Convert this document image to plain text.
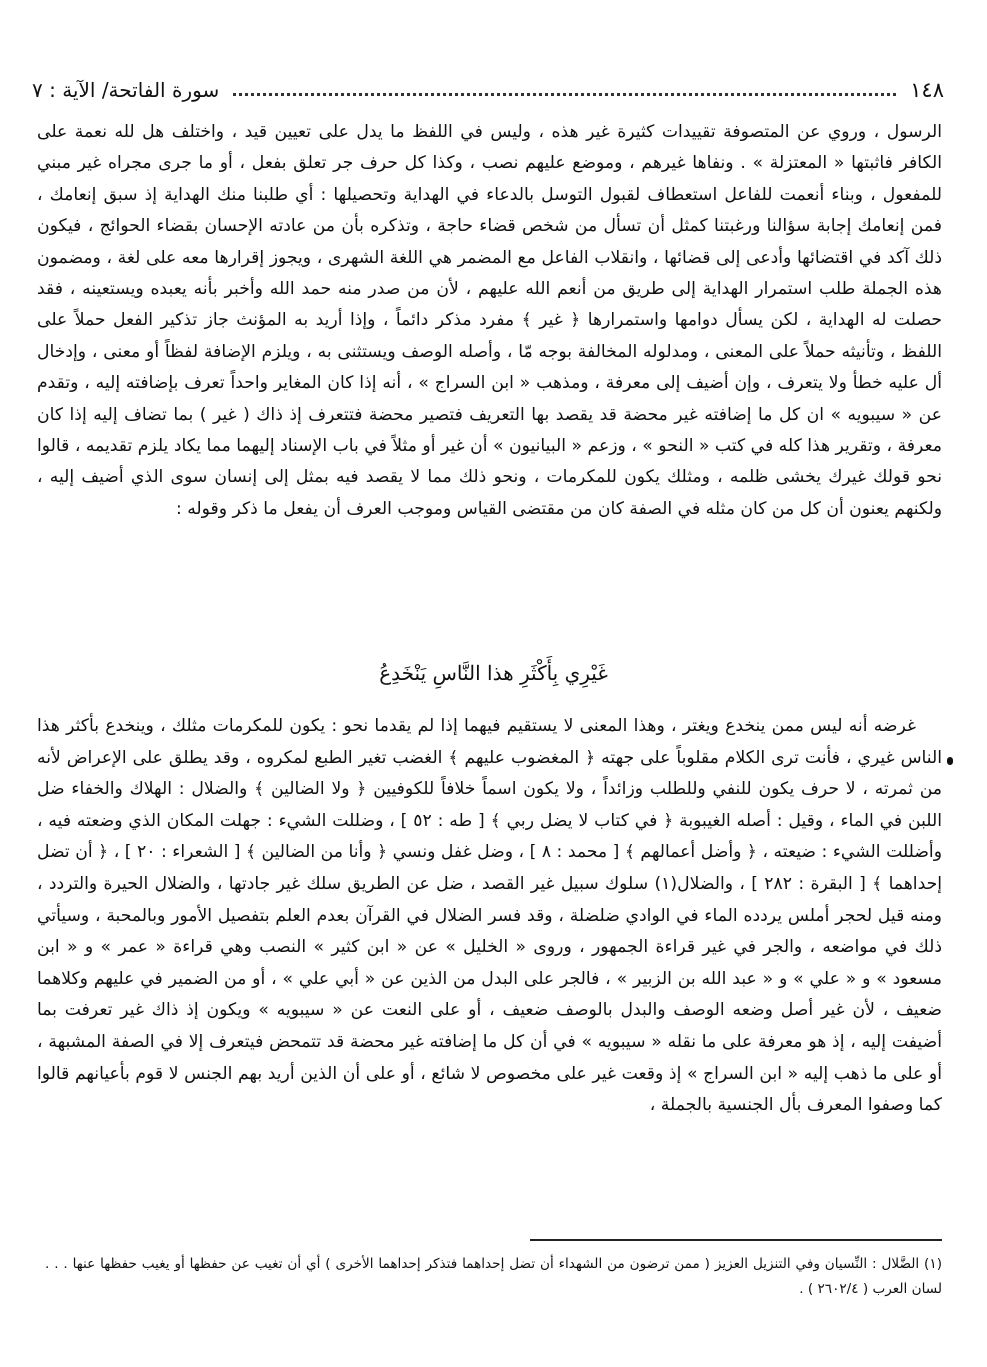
١٤٨
سورة الفاتحة/ الآية : ٧

الرسول ، وروي عن المتصوفة تقييدات كثيرة غير هذه ، وليس في اللفظ ما يدل على تعيين قيد ، واختلف هل لله نعمة على الكافر فاثبتها « المعتزلة » . ونفاها غيرهم ، وموضع عليهم نصب ، وكذا كل حرف جر تعلق بفعل ، أو ما جرى مجراه غير مبني للمفعول ، وبناء أنعمت للفاعل استعطاف لقبول التوسل بالدعاء في الهداية وتحصيلها : أي طلبنا منك الهداية إذ سبق إنعامك ، فمن إنعامك إجابة سؤالنا ورغبتنا كمثل أن تسأل من شخص قضاء حاجة ، وتذكره بأن من عادته الإحسان بقضاء الحوائج ، فيكون ذلك آكد في اقتضائها وأدعى إلى قضائها ، وانقلاب الفاعل مع المضمر هي اللغة الشهرى ، ويجوز إقرارها معه على لغة ، ومضمون هذه الجملة طلب استمرار الهداية إلى طريق من أنعم الله عليهم ، لأن من صدر منه حمد الله وأخبر بأنه يعبده ويستعينه ، فقد حصلت له الهداية ، لكن يسأل دوامها واستمرارها ﴿ غير ﴾ مفرد مذكر دائماً ، وإذا أريد به المؤنث جاز تذكير الفعل حملاً على اللفظ ، وتأنيثه حملاً على المعنى ، ومدلوله المخالفة بوجه مّا ، وأصله الوصف ويستثنى به ، ويلزم الإضافة لفظاً أو معنى ، وإدخال أل عليه خطأ ولا يتعرف ، وإن أضيف إلى معرفة ، ومذهب « ابن السراج » ، أنه إذا كان المغاير واحداً تعرف بإضافته إليه ، وتقدم عن « سيبويه » ان كل ما إضافته غير محضة قد يقصد بها التعريف فتصير محضة فتتعرف إذ ذاك ( غير ) بما تضاف إليه إذا كان معرفة ، وتقرير هذا كله في كتب « النحو » ، وزعم « البيانيون » أن غير أو مثلاً في باب الإسناد إليهما مما يكاد يلزم تقديمه ، قالوا نحو قولك غيرك يخشى ظلمه ، ومثلك يكون للمكرمات ، ونحو ذلك مما لا يقصد فيه بمثل إلى إنسان سوى الذي أضيف إليه ، ولكنهم يعنون أن كل من كان مثله في الصفة كان من مقتضى القياس وموجب العرف أن يفعل ما ذكر وقوله :

غَيْرِي بِأَكْثَرِ هذا النَّاسِ يَنْخَدِعُ

غرضه أنه ليس ممن ينخدع ويغتر ، وهذا المعنى لا يستقيم فيهما إذا لم يقدما نحو : يكون للمكرمات مثلك ، وينخدع بأكثر هذا الناس غيري ، فأنت ترى الكلام مقلوباً على جهته ﴿ المغضوب عليهم ﴾ الغضب تغير الطبع لمكروه ، وقد يطلق على الإعراض لأنه من ثمرته ، لا حرف يكون للنفي وللطلب وزائداً ، ولا يكون اسماً خلافاً للكوفيين ﴿ ولا الضالين ﴾ والضلال : الهلاك والخفاء ضل اللبن في الماء ، وقيل : أصله الغيبوبة ﴿ في كتاب لا يضل ربي ﴾ [ طه : ٥٢ ] ، وضللت الشيء : جهلت المكان الذي وضعته فيه ، وأضللت الشيء : ضيعته ، ﴿ وأضل أعمالهم ﴾ [ محمد : ٨ ] ، وضل غفل ونسي ﴿ وأنا من الضالين ﴾ [ الشعراء : ٢٠ ] ، ﴿ أن تضل إحداهما ﴾ [ البقرة : ٢٨٢ ] ، والضلال(١) سلوك سبيل غير القصد ، ضل عن الطريق سلك غير جادتها ، والضلال الحيرة والتردد ، ومنه قيل لحجر أملس يردده الماء في الوادي ضلضلة ، وقد فسر الضلال في القرآن بعدم العلم بتفصيل الأمور وبالمحبة ، وسيأتي ذلك في مواضعه ، والجر في غير قراءة الجمهور ، وروى « الخليل » عن « ابن كثير » النصب وهي قراءة « عمر » و « ابن مسعود » و « علي » و « عبد الله بن الزبير » ، فالجر على البدل من الذين عن « أبي علي » ، أو من الضمير في عليهم وكلاهما ضعيف ، لأن غير أصل وضعه الوصف والبدل بالوصف ضعيف ، أو على النعت عن « سيبويه » ويكون إذ ذاك غير تعرفت بما أضيفت إليه ، إذ هو معرفة على ما نقله « سيبويه » في أن كل ما إضافته غير محضة قد تتمحض فيتعرف إلا في الصفة المشبهة ، أو على ما ذهب إليه « ابن السراج » إذ وقعت غير على مخصوص لا شائع ، أو على أن الذين أريد بهم الجنس لا قوم بأعيانهم قالوا كما وصفوا المعرف بأل الجنسية بالجملة ،

(١) الضَّلال : النِّسيان وفي التنزيل العزيز ( ممن ترضون من الشهداء أن تضل إحداهما فتذكر إحداهما الأخرى ) أي أن تغيب عن حفظها أو يغيب حفظها عنها . . . لسان العرب ( ٢٦٠٢/٤ ) .
